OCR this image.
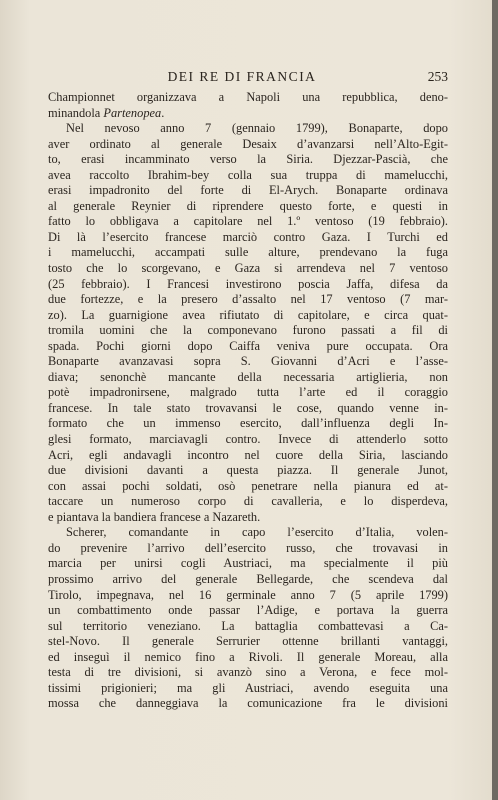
DEI RE DI FRANCIA	253
Championnet organizzava a Napoli una repubblica, deno-
minandola Partenopea.
Nel nevoso anno 7 (gennaio 1799), Bonaparte, dopo
aver ordinato al generale Desaix d’avanzarsi nell’Alto-Egit-
to, erasi incamminato verso la Siria. Djezzar-Pascià, che
avea raccolto Ibrahim-bey colla sua truppa di mamelucchi,
erasi impadronito del forte di El-Arych. Bonaparte ordinava
al generale Reynier di riprendere questo forte, e questi in
fatto lo obbligava a capitolare nel 1.º ventoso (19 febbraio).
Di là l’esercito francese marciò contro Gaza. I Turchi ed
i mamelucchi, accampati sulle alture, prendevano la fuga
tosto che lo scorgevano, e Gaza si arrendeva nel 7 ventoso
(25 febbraio). I Francesi investirono poscia Jaffa, difesa da
due fortezze, e la presero d’assalto nel 17 ventoso (7 mar-
zo). La guarnigione avea rifiutato di capitolare, e circa quat-
tromila uomini che la componevano furono passati a fil di
spada. Pochi giorni dopo Caiffa veniva pure occupata. Ora
Bonaparte avanzavasi sopra S. Giovanni d’Acri e l’asse-
diava; senonchè mancante della necessaria artiglieria, non
potè impadronirsene, malgrado tutta l’arte ed il coraggio
francese. In tale stato trovavansi le cose, quando venne in-
formato che un immenso esercito, dall’influenza degli In-
glesi formato, marciavagli contro. Invece di attenderlo sotto
Acri, egli andavagli incontro nel cuore della Siria, lasciando
due divisioni davanti a questa piazza. Il generale Junot,
con assai pochi soldati, osò penetrare nella pianura ed at-
taccare un numeroso corpo di cavalleria, e lo disperdeva,
e piantava la bandiera francese a Nazareth.
Scherer, comandante in capo l’esercito d’Italia, volen-
do prevenire l’arrivo dell’esercito russo, che trovavasi in
marcia per unirsi cogli Austriaci, ma specialmente il più
prossimo arrivo del generale Bellegarde, che scendeva dal
Tirolo, impegnava, nel 16 germinale anno 7 (5 aprile 1799)
un combattimento onde passar l’Adige, e portava la guerra
sul territorio veneziano. La battaglia combattevasi a Ca-
stel-Novo. Il generale Serrurier ottenne brillanti vantaggi,
ed inseguì il nemico fino a Rivoli. Il generale Moreau, alla
testa di tre divisioni, si avanzò sino a Verona, e fece mol-
tissimi prigionieri; ma gli Austriaci, avendo eseguita una
mossa che danneggiava la comunicazione fra le divisioni
